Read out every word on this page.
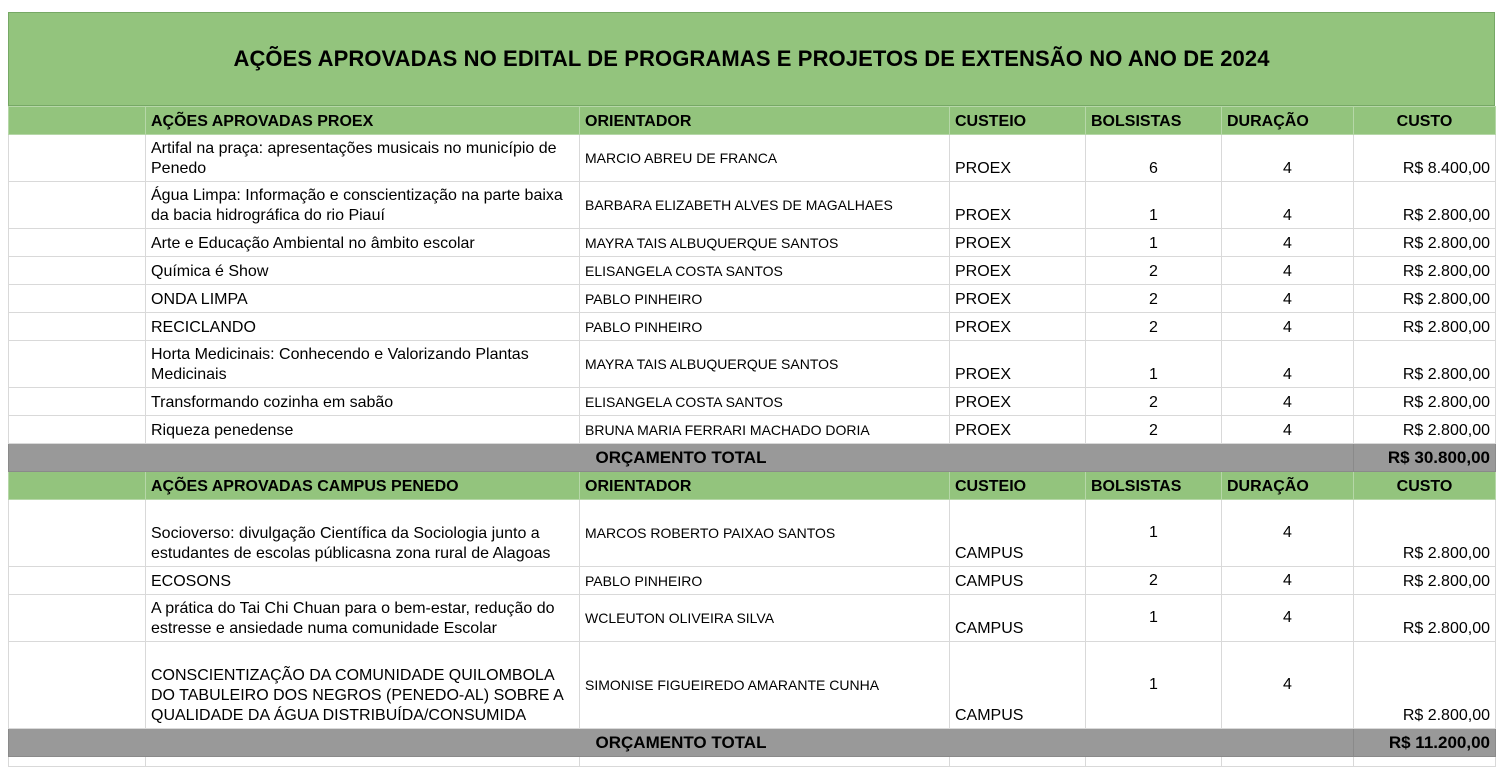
AÇÕES APROVADAS NO EDITAL DE PROGRAMAS E PROJETOS DE EXTENSÃO NO ANO DE 2024
	AÇÕES APROVADAS PROEX	ORIENTADOR	CUSTEIO	BOLSISTAS	DURAÇÃO	CUSTO
	Artifal na praça: apresentações musicais no município de Penedo	MARCIO ABREU DE FRANCA	PROEX	6	4	R$ 8.400,00
	Água Limpa: Informação e conscientização na parte baixa da bacia hidrográfica do rio Piauí	BARBARA ELIZABETH ALVES DE MAGALHAES	PROEX	1	4	R$ 2.800,00
	Arte e Educação Ambiental no âmbito escolar	MAYRA TAIS ALBUQUERQUE SANTOS	PROEX	1	4	R$ 2.800,00
	Química é Show	ELISANGELA COSTA SANTOS	PROEX	2	4	R$ 2.800,00
	ONDA LIMPA	PABLO PINHEIRO	PROEX	2	4	R$ 2.800,00
	RECICLANDO	PABLO PINHEIRO	PROEX	2	4	R$ 2.800,00
	Horta Medicinais: Conhecendo e Valorizando Plantas Medicinais	MAYRA TAIS ALBUQUERQUE SANTOS	PROEX	1	4	R$ 2.800,00
	Transformando cozinha em sabão	ELISANGELA COSTA SANTOS	PROEX	2	4	R$ 2.800,00
	Riqueza penedense	BRUNA MARIA FERRARI MACHADO DORIA	PROEX	2	4	R$ 2.800,00
ORÇAMENTO TOTAL						R$ 30.800,00
	AÇÕES APROVADAS CAMPUS PENEDO	ORIENTADOR	CUSTEIO	BOLSISTAS	DURAÇÃO	CUSTO
	Socioverso: divulgação Científica da Sociologia junto a estudantes de escolas públicasna zona rural de Alagoas	MARCOS ROBERTO PAIXAO SANTOS	CAMPUS	1	4	R$ 2.800,00
	ECOSONS	PABLO PINHEIRO	CAMPUS	2	4	R$ 2.800,00
	A prática do Tai Chi Chuan para o bem-estar, redução do estresse e ansiedade numa comunidade Escolar	WCLEUTON OLIVEIRA SILVA	CAMPUS	1	4	R$ 2.800,00
	CONSCIENTIZAÇÃO DA COMUNIDADE QUILOMBOLA DO TABULEIRO DOS NEGROS (PENEDO-AL) SOBRE A QUALIDADE DA ÁGUA DISTRIBUÍDA/CONSUMIDA	SIMONISE FIGUEIREDO AMARANTE CUNHA	CAMPUS	1	4	R$ 2.800,00
ORÇAMENTO TOTAL						R$ 11.200,00
